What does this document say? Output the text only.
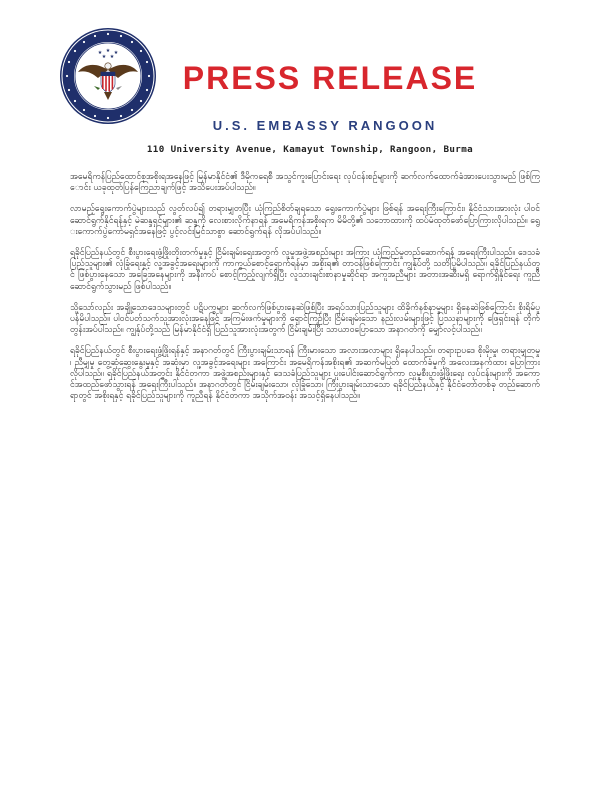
★ ★ ★
★ ★
PRESS RELEASE
U.S. EMBASSY RANGOON
110 University Avenue, Kamayut Township, Rangoon, Burma

အမေရိကန်ပြည်ထောင်စုအစိုးရအနေဖြင့် မြန်မာနိုင်ငံ၏ ဒီမိုကရေစီ အသွင်ကူးပြောင်းရေး လုပ်ငန်းစဉ်များကို ဆက်လက်ထောက်ခံအားပေးသွားမည် ဖြစ်ကြောင်း ယခုထုတ်ပြန်ကြေညာချက်ဖြင့် အသိပေးအပ်ပါသည်။

လာမည့်ရွေးကောက်ပွဲများသည် လွတ်လပ်၍ တရားမျှတပြီး ယုံကြည်စိတ်ချရသော ရွေးကောက်ပွဲများ ဖြစ်ရန် အရေးကြီးကြောင်း၊ နိုင်ငံသားအားလုံး ပါဝင်ဆောင်ရွက်နိုင်ရန်နှင့် မဲဆန္ဒရှင်များ၏ ဆန္ဒကို လေးစားလိုက်နာရန် အမေရိကန်အစိုးရက မိမိတို့၏ သဘောထားကို ထပ်မံထုတ်ဖော်ပြောကြားလိုပါသည်။ ရွေးကောက်ပွဲကော်မရှင်အနေဖြင့် ပွင့်လင်းမြင်သာစွာ ဆောင်ရွက်ရန် လိုအပ်ပါသည်။

ရခိုင်ပြည်နယ်တွင် စီးပွားရေးဖွံ့ဖြိုးတိုးတက်မှုနှင့် ငြိမ်းချမ်းရေးအတွက် လူမှုအဖွဲ့အစည်းများ အကြား ယုံကြည်မှုတည်ဆောက်ရန် အရေးကြီးပါသည်။ ဒေသခံပြည်သူများ၏ လုံခြုံရေးနှင့် လူ့အခွင့်အရေးများကို ကာကွယ်စောင့်ရှောက်ရန်မှာ အစိုးရ၏ တာဝန်ဖြစ်ကြောင်း ကျွန်ုပ်တို့ သတိပြုမိပါသည်။ ရခိုင်ပြည်နယ်တွင် ဖြစ်ပွားနေသော အခြေအနေများကို အနီးကပ် စောင့်ကြည့်လျက်ရှိပြီး လူသားချင်းစာနာမှုဆိုင်ရာ အကူအညီများ အတားအဆီးမရှိ ရောက်ရှိနိုင်ရေး ကူညီဆောင်ရွက်သွားမည် ဖြစ်ပါသည်။

သို့သော်လည်း အချို့သောဒေသများတွင် ပဋိပက္ခများ ဆက်လက်ဖြစ်ပွားနေဆဲဖြစ်ပြီး အရပ်သားပြည်သူများ ထိခိုက်နစ်နာမှုများ ရှိနေဆဲဖြစ်ကြောင်း စိုးရိမ်ပူပန်မိပါသည်။ ပါဝင်ပတ်သက်သူအားလုံးအနေဖြင့် အကြမ်းဖက်မှုများကို ရှောင်ကြဉ်ပြီး ငြိမ်းချမ်းသော နည်းလမ်းများဖြင့် ပြဿနာများကို ဖြေရှင်းရန် တိုက်တွန်းအပ်ပါသည်။ ကျွန်ုပ်တို့သည် မြန်မာနိုင်ငံရှိ ပြည်သူအားလုံးအတွက် ငြိမ်းချမ်းပြီး သာယာဝပြောသော အနာဂတ်ကို မျှော်လင့်ပါသည်။

ရခိုင်ပြည်နယ်တွင် စီးပွားရေးဖွံ့ဖြိုးရန်နှင့် အနာဂတ်တွင် ကြီးပွားချမ်းသာရန် ကြီးမားသော အလားအလာများ ရှိနေပါသည်။ တရားဥပဒေ စိုးမိုးမှု၊ တရားမျှတမှု၊ ညီမျှမှု တွေ့ဆုံဆွေးနွေးမှုနှင့် အဆုံးမှာ လူ့အခွင့်အရေးများ အကြောင်း အမေရိကန်အစိုးရ၏ အဆက်မပြတ် ထောက်ခံမှုကို အလေးအနက်ထား ပြောကြားလိုပါသည်။ ရခိုင်ပြည်နယ်အတွင်း နိုင်ငံတကာ အဖွဲ့အစည်းများနှင့် ဒေသခံပြည်သူများ ပူးပေါင်းဆောင်ရွက်ကာ လူမှုစီးပွားဖွံ့ဖြိုးရေး လုပ်ငန်းများကို အကောင်အထည်ဖော်သွားရန် အရေးကြီးပါသည်။ အနာဂတ်တွင် ငြိမ်းချမ်းသော၊ လုံခြုံသော၊ ကြီးပွားချမ်းသာသော ရခိုင်ပြည်နယ်နှင့် နိုင်ငံတော်တစ်ခု တည်ဆောက်ရာတွင် အစိုးရနှင့် ရခိုင်ပြည်သူများကို ကူညီရန် နိုင်ငံတကာ အသိုက်အဝန်း အသင့်ရှိနေပါသည်။
